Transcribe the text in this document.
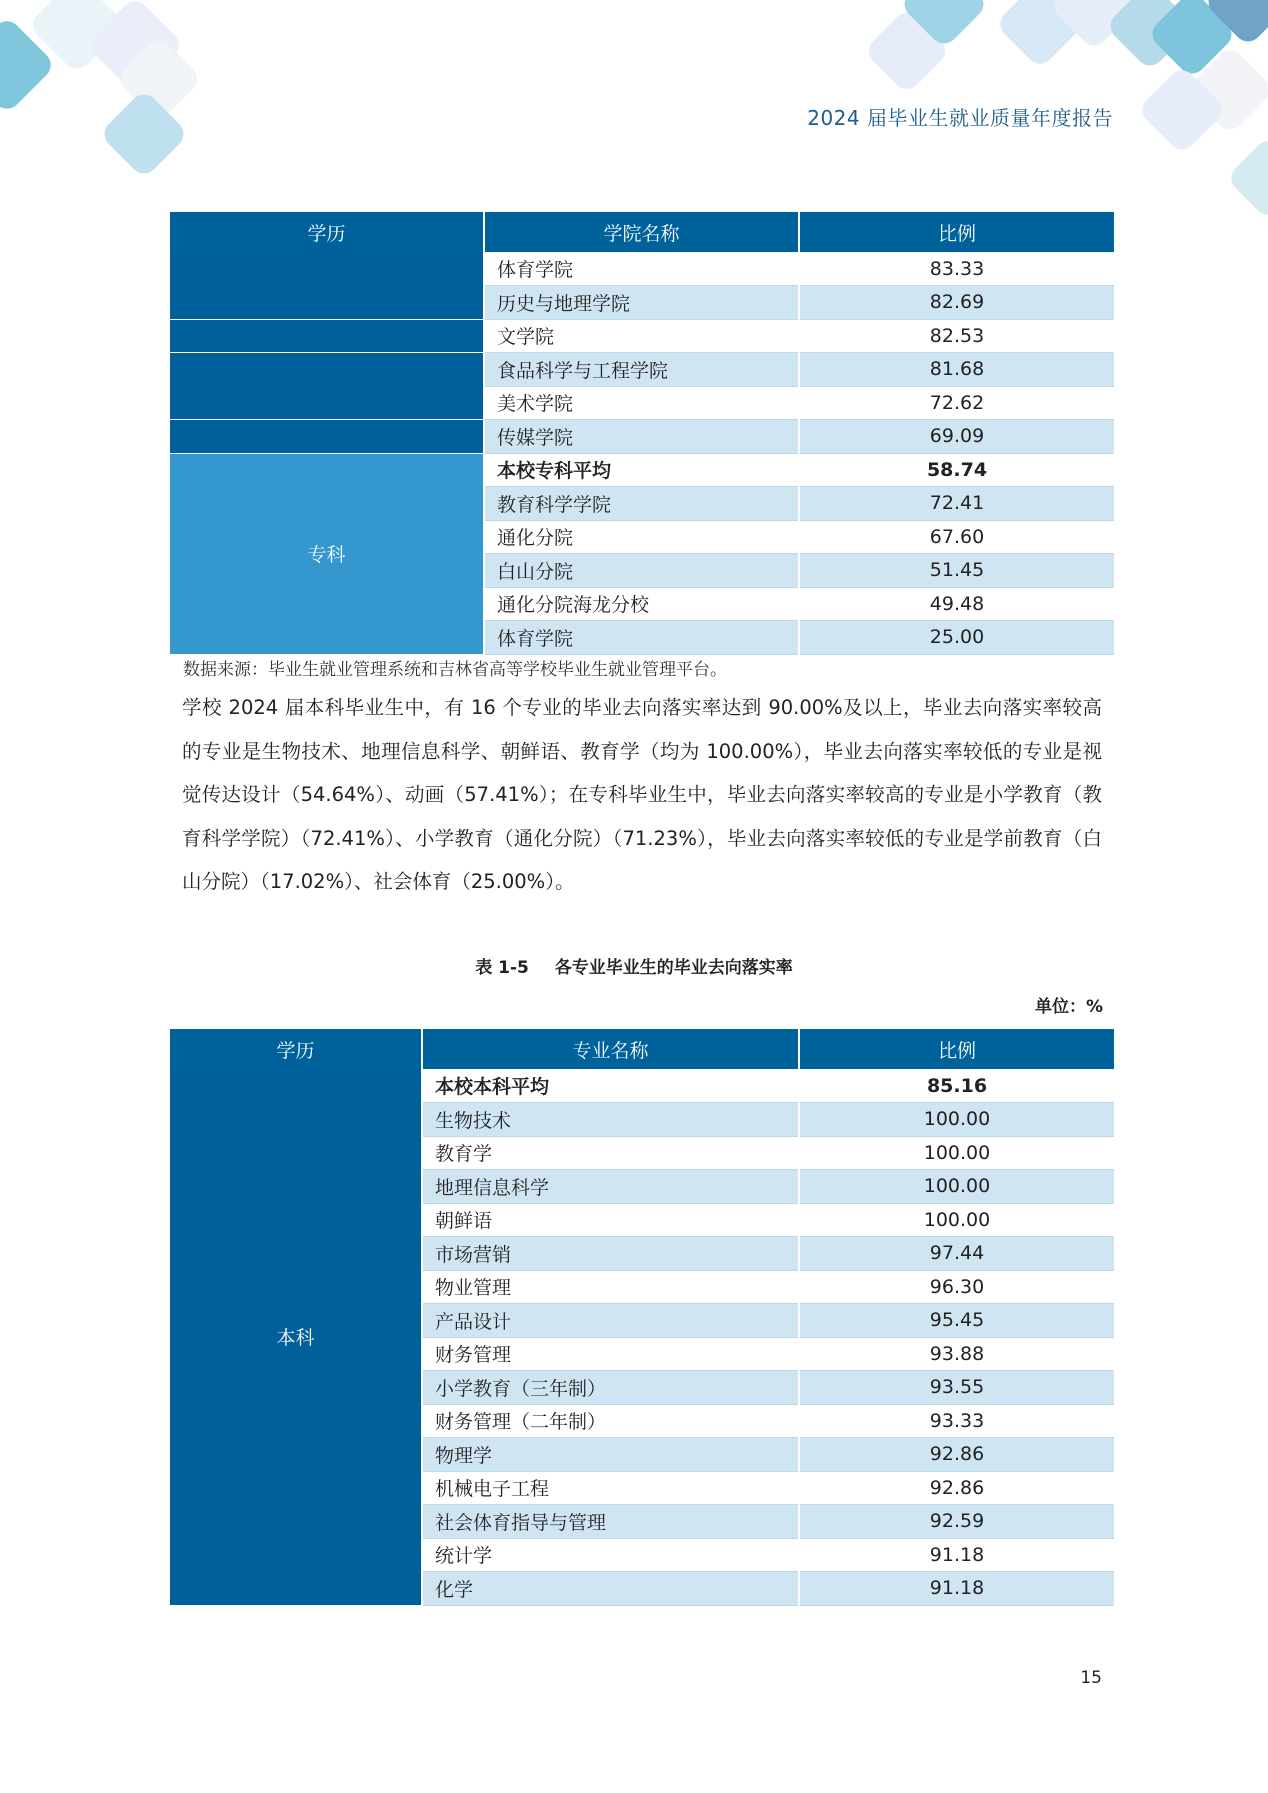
2024 届毕业生就业质量年度报告
学历	学院名称	比例
	体育学院	83.33
	历史与地理学院	82.69
	文学院	82.53
	食品科学与工程学院	81.68
	美术学院	72.62
	传媒学院	69.09
专科	本校专科平均	58.74
	教育科学学院	72.41
	通化分院	67.60
	白山分院	51.45
	通化分院海龙分校	49.48
	体育学院	25.00
数据来源：毕业生就业管理系统和吉林省高等学校毕业生就业管理平台。
学校 2024 届本科毕业生中，有 16 个专业的毕业去向落实率达到 90.00%及以上，毕业去向落实率较高的专业是生物技术、地理信息科学、朝鲜语、教育学（均为 100.00%），毕业去向落实率较低的专业是视觉传达设计（54.64%）、动画（57.41%）；在专科毕业生中，毕业去向落实率较高的专业是小学教育（教育科学学院）（72.41%）、小学教育（通化分院）（71.23%），毕业去向落实率较低的专业是学前教育（白山分院）（17.02%）、社会体育（25.00%）。
表 1-5 各专业毕业生的毕业去向落实率
单位：%
学历	专业名称	比例
本科	本校本科平均	85.16
	生物技术	100.00
	教育学	100.00
	地理信息科学	100.00
	朝鲜语	100.00
	市场营销	97.44
	物业管理	96.30
	产品设计	95.45
	财务管理	93.88
	小学教育（三年制）	93.55
	财务管理（二年制）	93.33
	物理学	92.86
	机械电子工程	92.86
	社会体育指导与管理	92.59
	统计学	91.18
	化学	91.18
15
